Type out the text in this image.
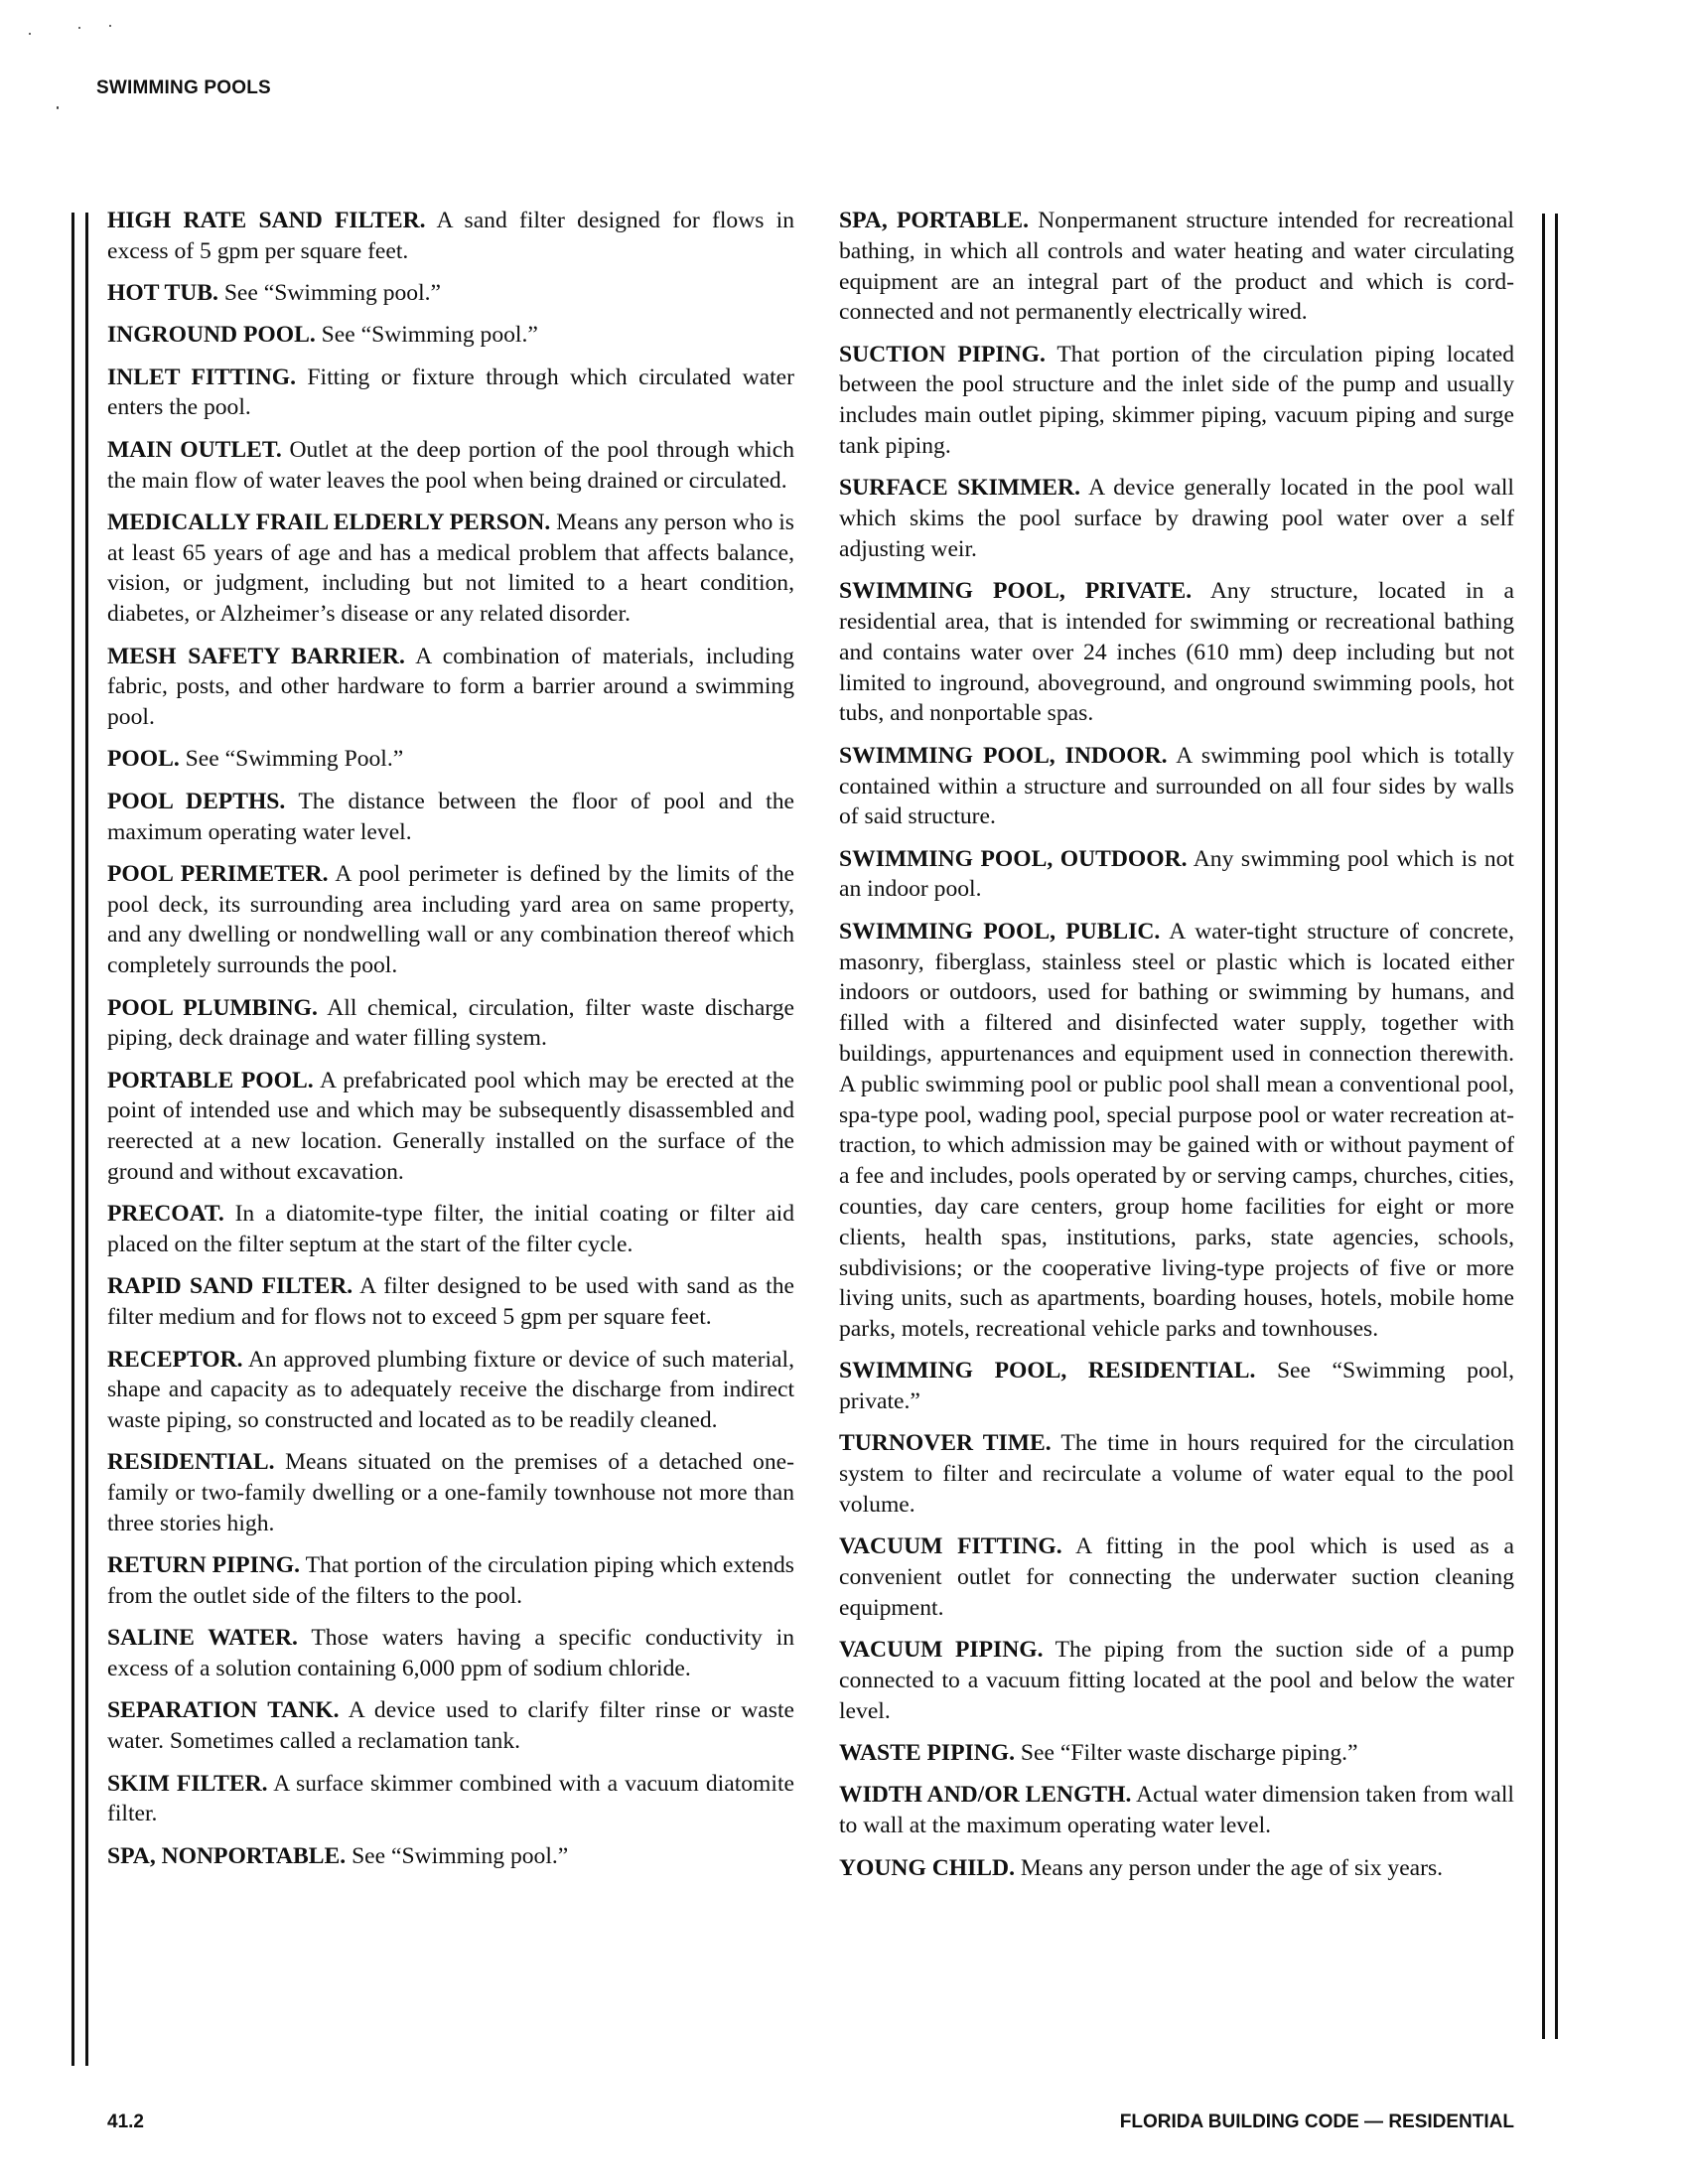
SWIMMING POOLS

HIGH RATE SAND FILTER. A sand filter designed for flows in excess of 5 gpm per square feet.

HOT TUB. See “Swimming pool.”

INGROUND POOL. See “Swimming pool.”

INLET FITTING. Fitting or fixture through which circulated water enters the pool.

MAIN OUTLET. Outlet at the deep portion of the pool through which the main flow of water leaves the pool when being drained or circulated.

MEDICALLY FRAIL ELDERLY PERSON. Means any person who is at least 65 years of age and has a medical problem that affects balance, vision, or judgment, including but not limited to a heart condition, diabetes, or Alzheimer’s disease or any related disorder.

MESH SAFETY BARRIER. A combination of materials, including fabric, posts, and other hardware to form a barrier around a swimming pool.

POOL. See “Swimming Pool.”

POOL DEPTHS. The distance between the floor of pool and the maximum operating water level.

POOL PERIMETER. A pool perimeter is defined by the limits of the pool deck, its surrounding area including yard area on same property, and any dwelling or nondwelling wall or any combination thereof which completely surrounds the pool.

POOL PLUMBING. All chemical, circulation, filter waste discharge piping, deck drainage and water filling system.

PORTABLE POOL. A prefabricated pool which may be erected at the point of intended use and which may be subsequently disassembled and reerected at a new location. Generally installed on the surface of the ground and without excavation.

PRECOAT. In a diatomite-type filter, the initial coating or filter aid placed on the filter septum at the start of the filter cycle.

RAPID SAND FILTER. A filter designed to be used with sand as the filter medium and for flows not to exceed 5 gpm per square feet.

RECEPTOR. An approved plumbing fixture or device of such material, shape and capacity as to adequately receive the discharge from indirect waste piping, so constructed and located as to be readily cleaned.

RESIDENTIAL. Means situated on the premises of a detached one-family or two-family dwelling or a one-family townhouse not more than three stories high.

RETURN PIPING. That portion of the circulation piping which extends from the outlet side of the filters to the pool.

SALINE WATER. Those waters having a specific conductivity in excess of a solution containing 6,000 ppm of sodium chloride.

SEPARATION TANK. A device used to clarify filter rinse or waste water. Sometimes called a reclamation tank.

SKIM FILTER. A surface skimmer combined with a vacuum diatomite filter.

SPA, NONPORTABLE. See “Swimming pool.”

SPA, PORTABLE. Nonpermanent structure intended for recreational bathing, in which all controls and water heating and water circulating equipment are an integral part of the product and which is cord-connected and not permanently electrically wired.

SUCTION PIPING. That portion of the circulation piping located between the pool structure and the inlet side of the pump and usually includes main outlet piping, skimmer piping, vacuum piping and surge tank piping.

SURFACE SKIMMER. A device generally located in the pool wall which skims the pool surface by drawing pool water over a self adjusting weir.

SWIMMING POOL, PRIVATE. Any structure, located in a residential area, that is intended for swimming or recreational bathing and contains water over 24 inches (610 mm) deep including but not limited to inground, aboveground, and onground swimming pools, hot tubs, and nonportable spas.

SWIMMING POOL, INDOOR. A swimming pool which is totally contained within a structure and surrounded on all four sides by walls of said structure.

SWIMMING POOL, OUTDOOR. Any swimming pool which is not an indoor pool.

SWIMMING POOL, PUBLIC. A water-tight structure of concrete, masonry, fiberglass, stainless steel or plastic which is located either indoors or outdoors, used for bathing or swimming by humans, and filled with a filtered and disinfected water supply, together with buildings, appurtenances and equipment used in connection therewith. A public swimming pool or public pool shall mean a conventional pool, spa-type pool, wading pool, special purpose pool or water recreation attraction, to which admission may be gained with or without payment of a fee and includes, pools operated by or serving camps, churches, cities, counties, day care centers, group home facilities for eight or more clients, health spas, institutions, parks, state agencies, schools, subdivisions; or the cooperative living-type projects of five or more living units, such as apartments, boarding houses, hotels, mobile home parks, motels, recreational vehicle parks and townhouses.

SWIMMING POOL, RESIDENTIAL. See “Swimming pool, private.”

TURNOVER TIME. The time in hours required for the circulation system to filter and recirculate a volume of water equal to the pool volume.

VACUUM FITTING. A fitting in the pool which is used as a convenient outlet for connecting the underwater suction cleaning equipment.

VACUUM PIPING. The piping from the suction side of a pump connected to a vacuum fitting located at the pool and below the water level.

WASTE PIPING. See “Filter waste discharge piping.”

WIDTH AND/OR LENGTH. Actual water dimension taken from wall to wall at the maximum operating water level.

YOUNG CHILD. Means any person under the age of six years.

41.2	FLORIDA BUILDING CODE — RESIDENTIAL
